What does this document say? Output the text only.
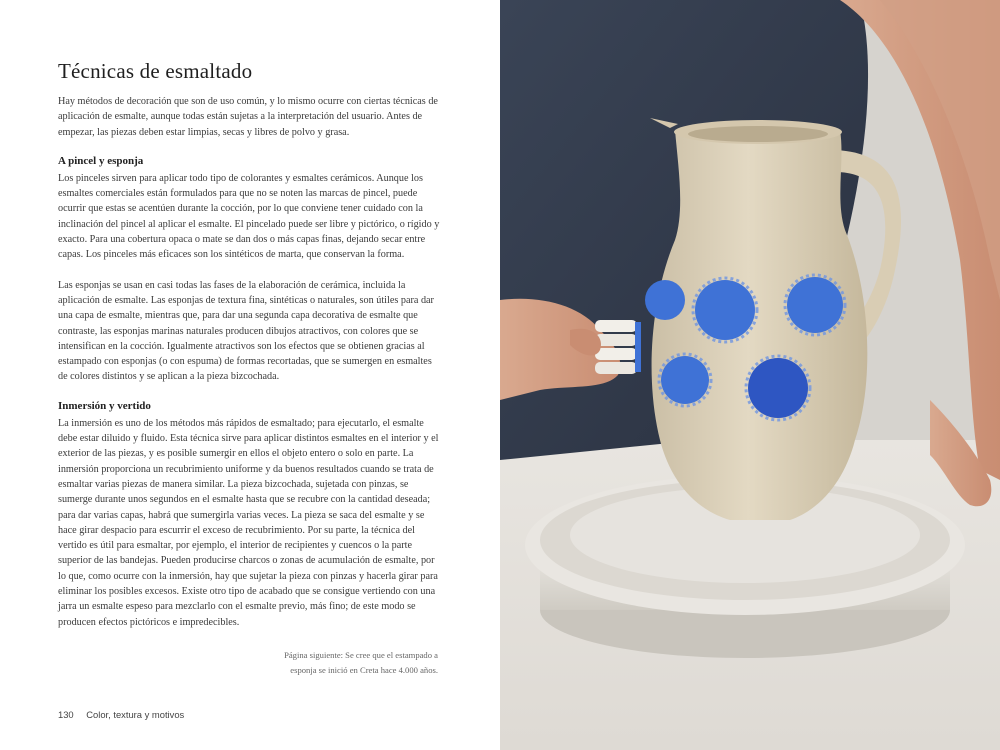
Técnicas de esmaltado

Hay métodos de decoración que son de uso común, y lo mismo ocurre con ciertas técnicas de aplicación de esmalte, aunque todas están sujetas a la interpretación del usuario. Antes de empezar, las piezas deben estar limpias, secas y libres de polvo y grasa.

A pincel y esponja

Los pinceles sirven para aplicar todo tipo de colorantes y esmaltes cerámicos. Aunque los esmaltes comerciales están formulados para que no se noten las marcas de pincel, puede ocurrir que estas se acentúen durante la cocción, por lo que conviene tener cuidado con la inclinación del pincel al aplicar el esmalte. El pincelado puede ser libre y pictórico, o rígido y exacto. Para una cobertura opaca o mate se dan dos o más capas finas, dejando secar entre capas. Los pinceles más eficaces son los sintéticos de marta, que conservan la forma.

Las esponjas se usan en casi todas las fases de la elaboración de cerámica, incluida la aplicación de esmalte. Las esponjas de textura fina, sintéticas o naturales, son útiles para dar una capa de esmalte, mientras que, para dar una segunda capa decorativa de esmalte que contraste, las esponjas marinas naturales producen dibujos atractivos, con colores que se intensifican en la cocción. Igualmente atractivos son los efectos que se obtienen gracias al estampado con esponjas (o con espuma) de formas recortadas, que se sumergen en esmaltes de colores distintos y se aplican a la pieza bizcochada.

Inmersión y vertido

La inmersión es uno de los métodos más rápidos de esmaltado; para ejecutarlo, el esmalte debe estar diluido y fluido. Esta técnica sirve para aplicar distintos esmaltes en el interior y el exterior de las piezas, y es posible sumergir en ellos el objeto entero o solo en parte. La inmersión proporciona un recubrimiento uniforme y da buenos resultados cuando se trata de esmaltar varias piezas de manera similar. La pieza bizcochada, sujetada con pinzas, se sumerge durante unos segundos en el esmalte hasta que se recubre con la cantidad deseada; para dar varias capas, habrá que sumergirla varias veces. La pieza se saca del esmalte y se hace girar despacio para escurrir el exceso de recubrimiento. Por su parte, la técnica del vertido es útil para esmaltar, por ejemplo, el interior de recipientes y cuencos o la parte superior de las bandejas. Pueden producirse charcos o zonas de acumulación de esmalte, por lo que, como ocurre con la inmersión, hay que sujetar la pieza con pinzas y hacerla girar para eliminar los posibles excesos. Existe otro tipo de acabado que se consigue vertiendo con una jarra un esmalte espeso para mezclarlo con el esmalte previo, más fino; de este modo se producen efectos pictóricos e impredecibles.

Página siguiente: Se cree que el estampado a
esponja se inició en Creta hace 4.000 años.
130 Color, textura y motivos
